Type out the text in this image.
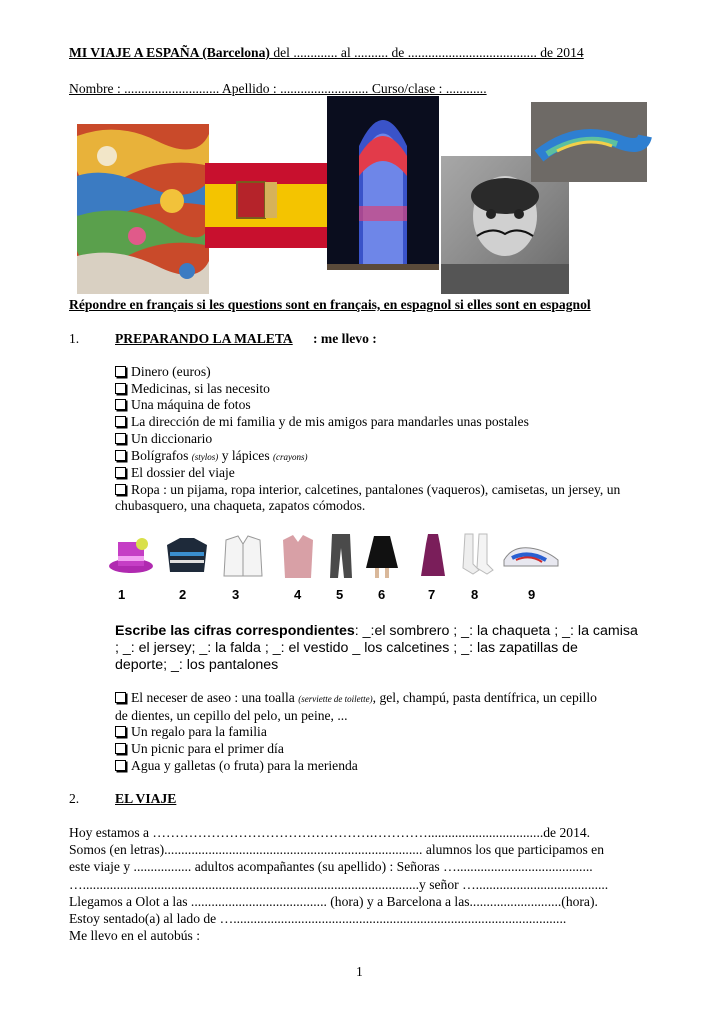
MI VIAJE A ESPAÑA (Barcelona) del ............. al .......... de ...................................... de 2014
Nombre : ............................ Apellido : .......................... Curso/clase : ............
Répondre en français si les questions sont en français, en espagnol si elles sont en espagnol
1.	PREPARANDO LA MALETA : me llevo :
Dinero (euros)
Medicinas, si las necesito
Una máquina de fotos
La dirección de mi familia y de mis amigos para mandarles unas postales
Un diccionario
Bolígrafos (stylos) y lápices (crayons)
El dossier del viaje
Ropa : un pijama, ropa interior, calcetines, pantalones (vaqueros), camisetas, un jersey, un
chubasquero, una chaqueta, zapatos cómodos.
1	2	3	4	5	6	7	8	9
Escribe las cifras correspondientes: _:el sombrero ; _: la chaqueta ; _: la camisa
; _: el jersey; _: la falda ; _: el vestido _ los calcetines ; _: las zapatillas de
deporte; _: los pantalones
El neceser de aseo : una toalla (serviette de toilette), gel, champú, pasta dentífrica, un cepillo
de dientes, un cepillo del pelo, un peine, ...
Un regalo para la familia
Un picnic para el primer día
Agua y galletas (o fruta) para la merienda
2.	EL VIAJE
Hoy estamos a ………………………………………….…………..................................de 2014.
Somos (en letras)............................................................................ alumnos los que participamos en
este viaje y ................. adultos acompañantes (su apellido) : Señoras …........................................
…...................................................................................................y señor ….......................................
Llegamos a Olot a las ........................................ (hora) y a Barcelona a las...........................(hora).
Estoy sentado(a) al lado de …..................................................................................................
Me llevo en el autobús :
1
